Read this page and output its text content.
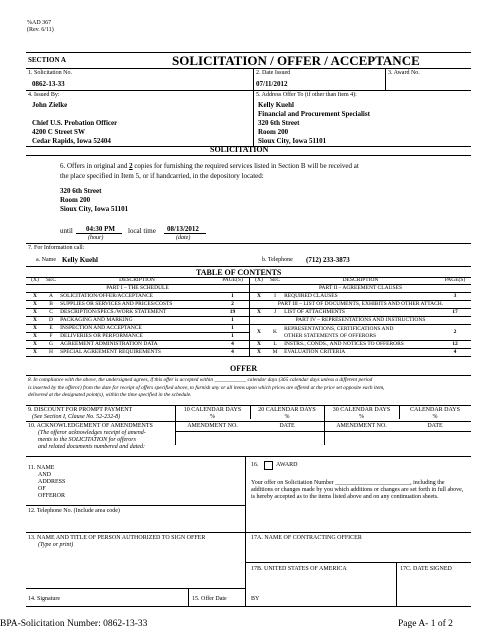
%AD 367
(Rev. 6/11)
SECTION A	SOLICITATION / OFFER / ACCEPTANCE
1. Solicitation No.
0862-13-33
2. Date Issued
07/11/2012
3. Award No.
4. Issued By:
John Zielke
Chief U.S. Probation Officer
4200 C Street SW
Cedar Rapids, Iowa 52404
5. Address Offer To (if other than Item 4):
Kelly Kuehl
Financial and Procurement Specialist
320 6th Street
Room 200
Sioux City, Iowa 51101
SOLICITATION
6. Offers in original and 2 copies for furnishing the required services listed in Section B will be received at
the place specified in Item 5, or if handcarried, in the depository located:
320 6th Street
Room 200
Sioux City, Iowa 51101
until 04:30 PM
(hour)
local time 08/13/2012
(date)
7. For Information call:
a. Name Kelly Kuehl	b. Telephone (712) 233-3873
TABLE OF CONTENTS
(X)	SEC	DESCRIPTION	PAGE(S)
PART I – THE SCHEDULE			
X	A	SOLICITATION/OFFER/ACCEPTANCE	1
X	B	SUPPLIES OR SERVICES AND PRICES/COSTS	2
X	C	DESCRIPTION/SPECS./WORK STATEMENT	19
X	D	PACKAGING AND MARKING	1
X	E	INSPECTION AND ACCEPTANCE	1
X	F	DELIVERIES OR PERFORMANCE	1
X	G	AGREEMENT ADMINISTRATION DATA	4
X	H	SPECIAL AGREEMENT REQUIREMENTS	4
(X)	SEC	DESCRIPTION	PAGE(S)
PART II – AGREEMENT CLAUSES			
X	I	REQUIRED CLAUSES	3
PART III – LIST OF DOCUMENTS, EXHIBITS AND OTHER ATTACH.			
X	J	LIST OF ATTACHMENTS	17
PART IV – REPRESENTATIONS AND INSTRUCTIONS			
X	K	REPRESENTATIONS, CERTIFICATIONS AND
OTHER STATEMENTS OF OFFERORS	2
X	L	INSTRS., CONDS., AND NOTICES TO OFFERORS	12
X	M	EVALUATION CRITERIA	4
OFFER
8. In compliance with the above, the undersigned agrees, if this offer is accepted within ____________ calendar days (365 calendar days unless a different period
is inserted by the offeror) from the date for receipt of offers specified above, to furnish any or all items upon which prices are offered at the price set opposite each item,
delivered at the designated point(s), within the time specified in the schedule.
9. DISCOUNT FOR PROMPT PAYMENT
(See Section I, Clause No. 52-232-8)
10 CALENDAR DAYS
%
20 CALENDAR DAYS
%
30 CALENDAR DAYS
%
CALENDAR DAYS
%
10. ACKNOWLEDGEMENT OF AMENDMENTS
(The offeror acknowledges receipt of amend-
ments to the SOLICITATION for offerors
and related documents numbered and dated:
AMENDMENT NO.	DATE	AMENDMENT NO.	DATE
11. NAME
AND
ADDRESS
OF
OFFEROR
16.	AWARD
Your offer on Solicitation Number _________________________, including the
additions or changes made by you which additions or changes are set forth in full above,
is hereby accepted as to the items listed above and on any continuation sheets.
12. Telephone No. (Include area code)
13. NAME AND TITLE OF PERSON AUTHORIZED TO SIGN OFFER
(Type or print)
17A. NAME OF CONTRACTING OFFICER
17B. UNITED STATES OF AMERICA	17C. DATE SIGNED
14. Signature	15. Offer Date	BY
BPA-Solicitation Number: 0862-13-33	Page A- 1 of 2
